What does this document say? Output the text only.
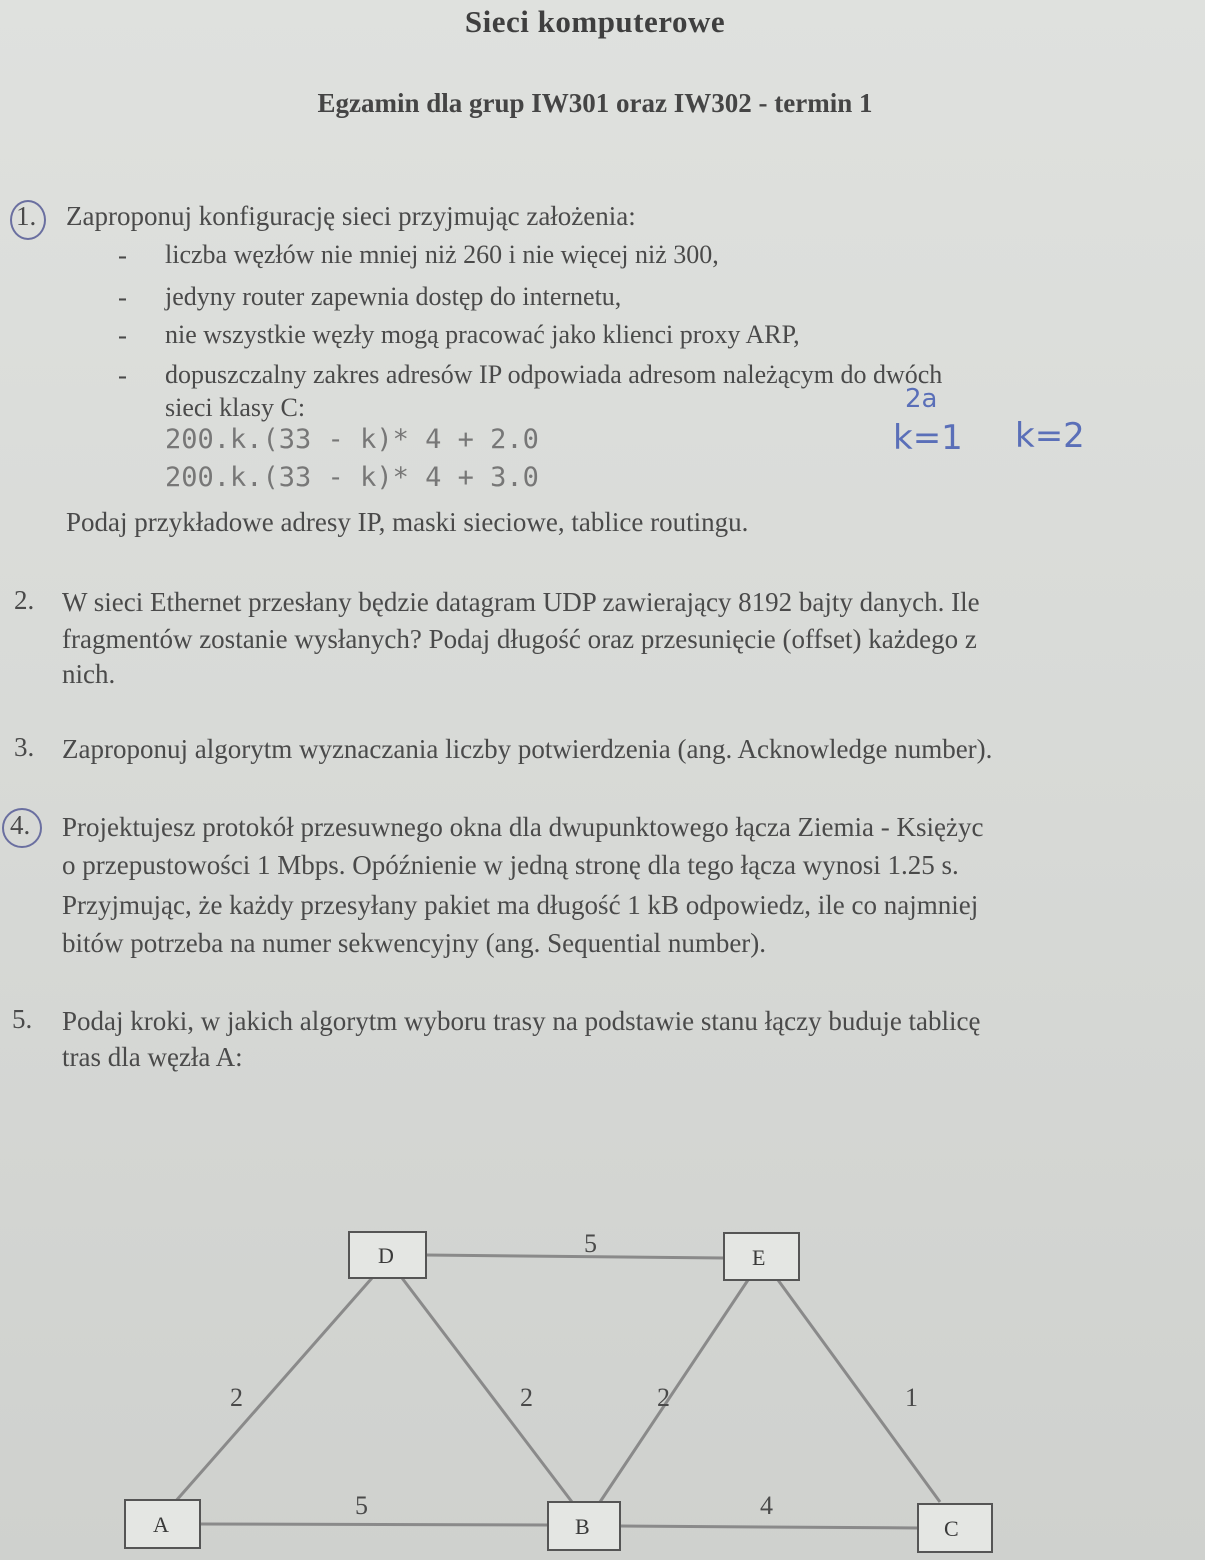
Sieci komputerowe
Egzamin dla grup IW301 oraz IW302 - termin 1
1. Zaproponuj konfigurację sieci przyjmując założenia:
- liczba węzłów nie mniej niż 260 i nie więcej niż 300,
- jedyny router zapewnia dostęp do internetu,
- nie wszystkie węzły mogą pracować jako klienci proxy ARP,
- dopuszczalny zakres adresów IP odpowiada adresom należącym do dwóch
sieci klasy C:
200.k.(33 - k)* 4 + 2.0
200.k.(33 - k)* 4 + 3.0
2a
k=1 k=2
Podaj przykładowe adresy IP, maski sieciowe, tablice routingu.
2. W sieci Ethernet przesłany będzie datagram UDP zawierający 8192 bajty danych. Ile
fragmentów zostanie wysłanych? Podaj długość oraz przesunięcie (offset) każdego z
nich.
3. Zaproponuj algorytm wyznaczania liczby potwierdzenia (ang. Acknowledge number).
4. Projektujesz protokół przesuwnego okna dla dwupunktowego łącza Ziemia - Księżyc
o przepustowości 1 Mbps. Opóźnienie w jedną stronę dla tego łącza wynosi 1.25 s.
Przyjmując, że każdy przesyłany pakiet ma długość 1 kB odpowiedz, ile co najmniej
bitów potrzeba na numer sekwencyjny (ang. Sequential number).
5. Podaj kroki, w jakich algorytm wyboru trasy na podstawie stanu łączy buduje tablicę
tras dla węzła A:
5
2	2	2	1
5	4
D	E
A	B	C
